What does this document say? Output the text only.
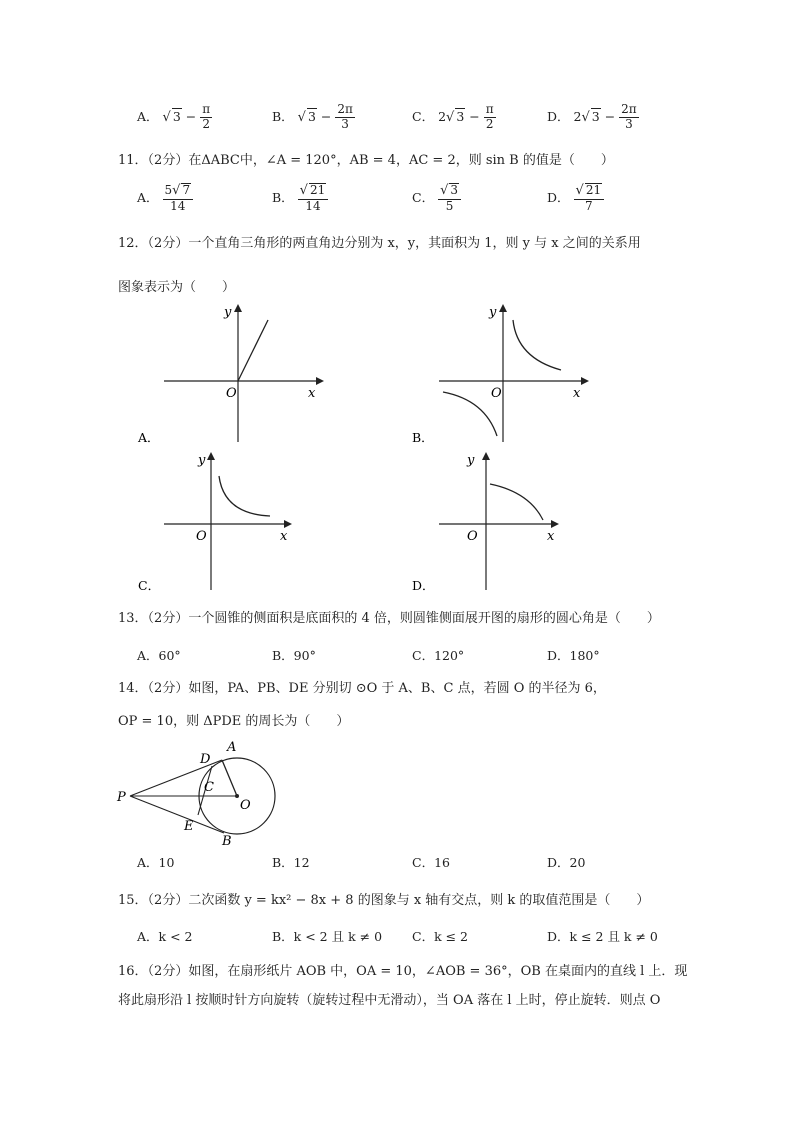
A． √ $3 - \frac{\pi}{2}$	B． √ $3 - \frac{2\pi}{3}$	C． 2√ $3 - \frac{\pi}{2}$	D． 2√ $3 - \frac{2\pi}{3}$
11．（2分）在ΔABC中，∠A = 120°，AB = 4，AC = 2，则 sin B 的值是（　　）
A． $\frac{5√ 7}{14}$	B． $\frac{√ 21}{14}$	C． $\frac{√ 3}{5}$	D． $\frac{√ 21}{7}$
12．（2分）一个直角三角形的两直角边分别为 x，y，其面积为 1，则 y 与 x 之间的关系用
图象表示为（　　）
y
O	x
A．
y
O	x
B．
y
O	x
C．
y
O	x
D．
13．（2分）一个圆锥的侧面积是底面积的 4 倍，则圆锥侧面展开图的扇形的圆心角是（　　）
A．60°	B．90°	C．120°	D．180°
14．（2分）如图，PA、PB、DE 分别切 ⊙O 于 A、B、C 点，若圆 O 的半径为 6，
OP = 10，则 ΔPDE 的周长为（　　）
P
A
D
C
O
E
B
A．10	B．12	C．16	D．20
15．（2分）二次函数 y = kx² − 8x + 8 的图象与 x 轴有交点，则 k 的取值范围是（　　）
A．k < 2	B．k < 2 且 k ≠ 0 C．k ≤ 2	D．k ≤ 2 且 k ≠ 0
16．（2分）如图，在扇形纸片 AOB 中，OA = 10，∠AOB = 36°，OB 在桌面内的直线 l 上．现
将此扇形沿 l 按顺时针方向旋转（旋转过程中无滑动），当 OA 落在 l 上时，停止旋转．则点 O
